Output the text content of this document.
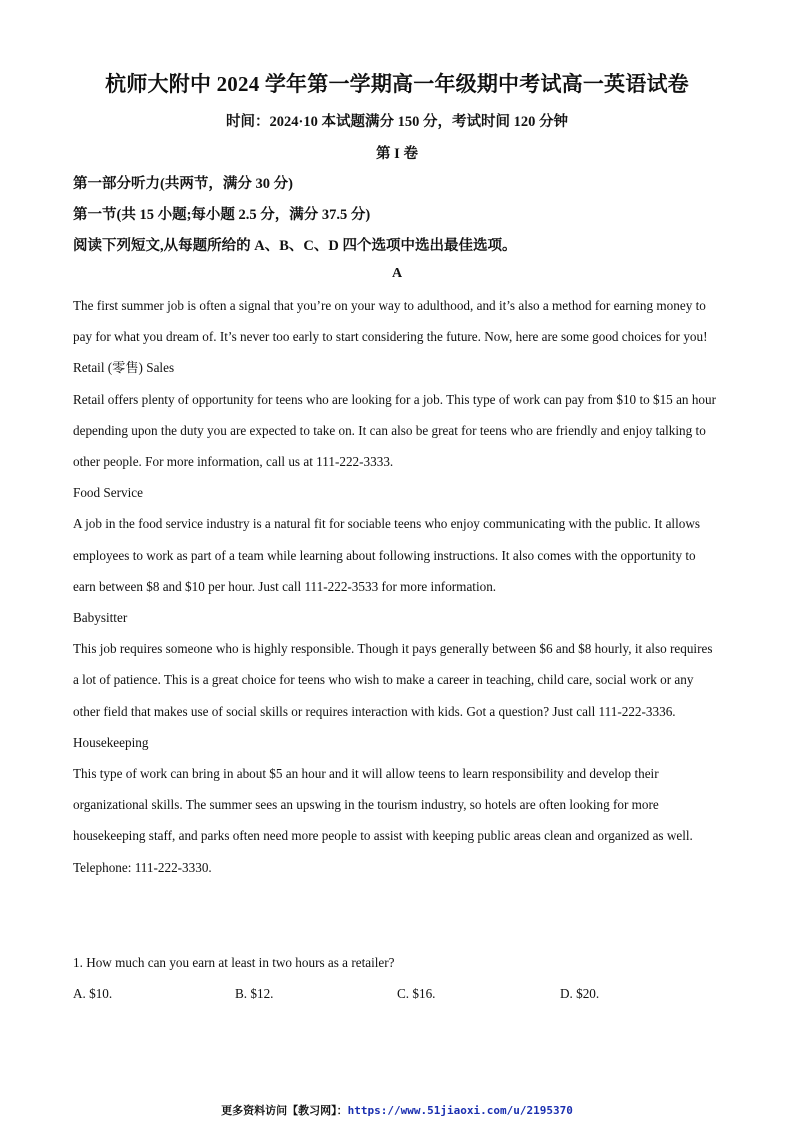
杭师大附中 2024 学年第一学期高一年级期中考试高一英语试卷
时间：2024·10 本试题满分 150 分，考试时间 120 分钟
第 I 卷
第一部分听力(共两节，满分 30 分)
第一节(共 15 小题;每小题 2.5 分，满分 37.5 分)
阅读下列短文,从每题所给的 A、B、C、D 四个选项中选出最佳选项。
A

The first summer job is often a signal that you’re on your way to adulthood, and it’s also a method for earning money to pay for what you dream of. It’s never too early to start considering the future. Now, here are some good choices for you!

Retail (零售) Sales

Retail offers plenty of opportunity for teens who are looking for a job. This type of work can pay from $10 to $15 an hour depending upon the duty you are expected to take on. It can also be great for teens who are friendly and enjoy talking to other people. For more information, call us at 111-222-3333.

Food Service

A job in the food service industry is a natural fit for sociable teens who enjoy communicating with the public. It allows employees to work as part of a team while learning about following instructions. It also comes with the opportunity to earn between $8 and $10 per hour. Just call 111-222-3533 for more information.

Babysitter

This job requires someone who is highly responsible. Though it pays generally between $6 and $8 hourly, it also requires a lot of patience. This is a great choice for teens who wish to make a career in teaching, child care, social work or any other field that makes use of social skills or requires interaction with kids. Got a question? Just call 111-222-3336.

Housekeeping

This type of work can bring in about $5 an hour and it will allow teens to learn responsibility and develop their organizational skills. The summer sees an upswing in the tourism industry, so hotels are often looking for more housekeeping staff, and parks often need more people to assist with keeping public areas clean and organized as well. Telephone: 111-222-3330.

1. How much can you earn at least in two hours as a retailer?
A. $10.	B. $12.	C. $16.	D. $20.
更多资料访问【教习网】：https://www.51jiaoxi.com/u/2195370
